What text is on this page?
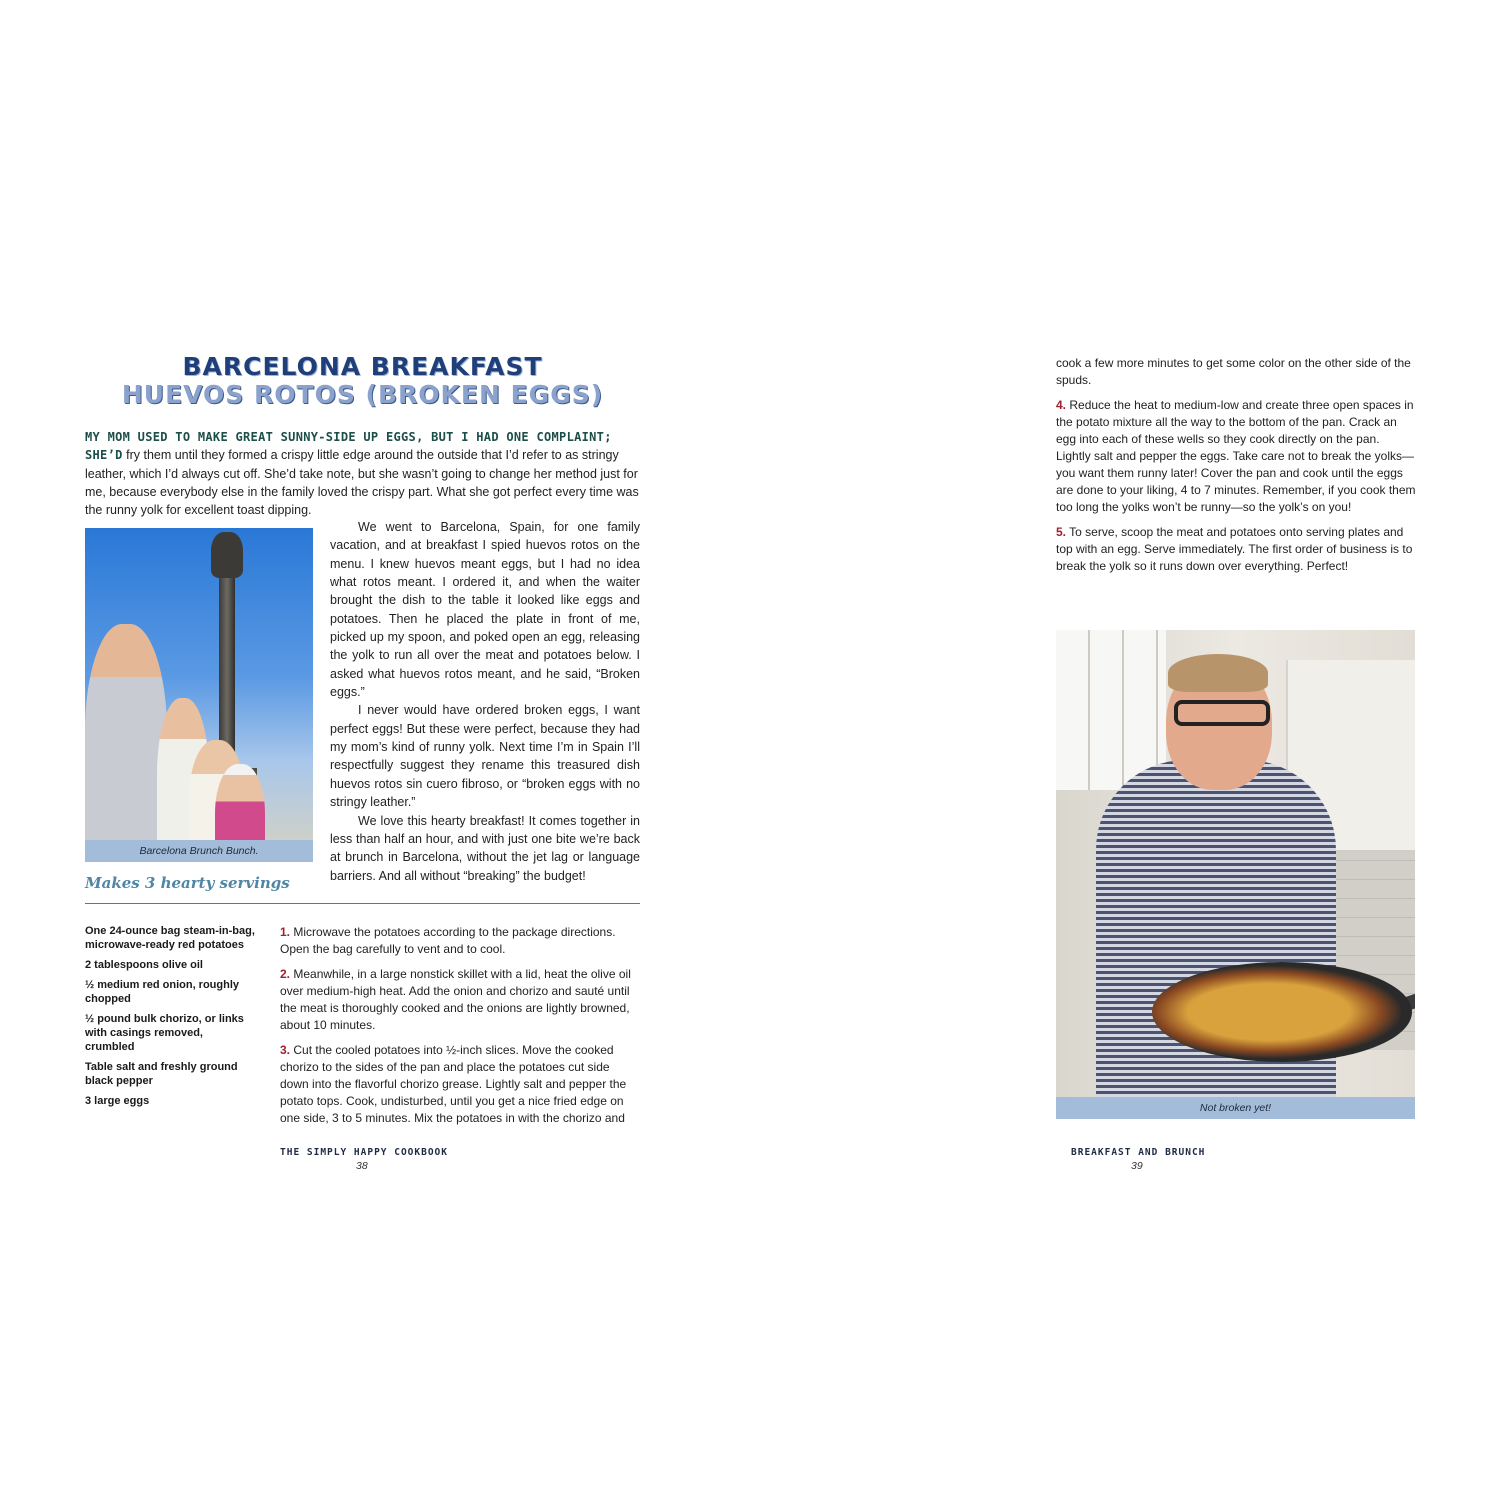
BARCELONA BREAKFAST
HUEVOS ROTOS (BROKEN EGGS)
MY MOM USED TO MAKE GREAT SUNNY-SIDE UP EGGS, BUT I HAD ONE COMPLAINT; SHE’D fry them until they formed a crispy little edge around the outside that I’d refer to as stringy leather, which I’d always cut off. She’d take note, but she wasn’t going to change her method just for me, because everybody else in the family loved the crispy part. What she got perfect every time was the runny yolk for excellent toast dipping.
Barcelona Brunch Bunch.

We went to Barcelona, Spain, for one family vacation, and at breakfast I spied huevos rotos on the menu. I knew huevos meant eggs, but I had no idea what rotos meant. I ordered it, and when the waiter brought the dish to the table it looked like eggs and potatoes. Then he placed the plate in front of me, picked up my spoon, and poked open an egg, releasing the yolk to run all over the meat and potatoes below. I asked what huevos rotos meant, and he said, “Broken eggs.”

I never would have ordered broken eggs, I want perfect eggs! But these were perfect, because they had my mom’s kind of runny yolk. Next time I’m in Spain I’ll respectfully suggest they rename this treasured dish huevos rotos sin cuero fibroso, or “broken eggs with no stringy leather.”

We love this hearty breakfast! It comes together in less than half an hour, and with just one bite we’re back at brunch in Barcelona, without the jet lag or language barriers. And all without “breaking” the budget!

Makes 3 hearty servings
One 24-ounce bag steam-in-bag, microwave-ready red potatoes
2 tablespoons olive oil
½ medium red onion, roughly chopped
½ pound bulk chorizo, or links with casings removed, crumbled
Table salt and freshly ground black pepper
3 large eggs
1. Microwave the potatoes according to the package directions. Open the bag carefully to vent and to cool.
2. Meanwhile, in a large nonstick skillet with a lid, heat the olive oil over medium-high heat. Add the onion and chorizo and sauté until the meat is thoroughly cooked and the onions are lightly browned, about 10 minutes.
3. Cut the cooled potatoes into ½-inch slices. Move the cooked chorizo to the sides of the pan and place the potatoes cut side down into the flavorful chorizo grease. Lightly salt and pepper the potato tops. Cook, undisturbed, until you get a nice fried edge on one side, 3 to 5 minutes. Mix the potatoes in with the chorizo and
THE SIMPLY HAPPY COOKBOOK
38
cook a few more minutes to get some color on the other side of the spuds.
4. Reduce the heat to medium-low and create three open spaces in the potato mixture all the way to the bottom of the pan. Crack an egg into each of these wells so they cook directly on the pan. Lightly salt and pepper the eggs. Take care not to break the yolks—you want them runny later! Cover the pan and cook until the eggs are done to your liking, 4 to 7 minutes. Remember, if you cook them too long the yolks won’t be runny—so the yolk’s on you!
5. To serve, scoop the meat and potatoes onto serving plates and top with an egg. Serve immediately. The first order of business is to break the yolk so it runs down over everything. Perfect!
Not broken yet!
BREAKFAST AND BRUNCH
39
